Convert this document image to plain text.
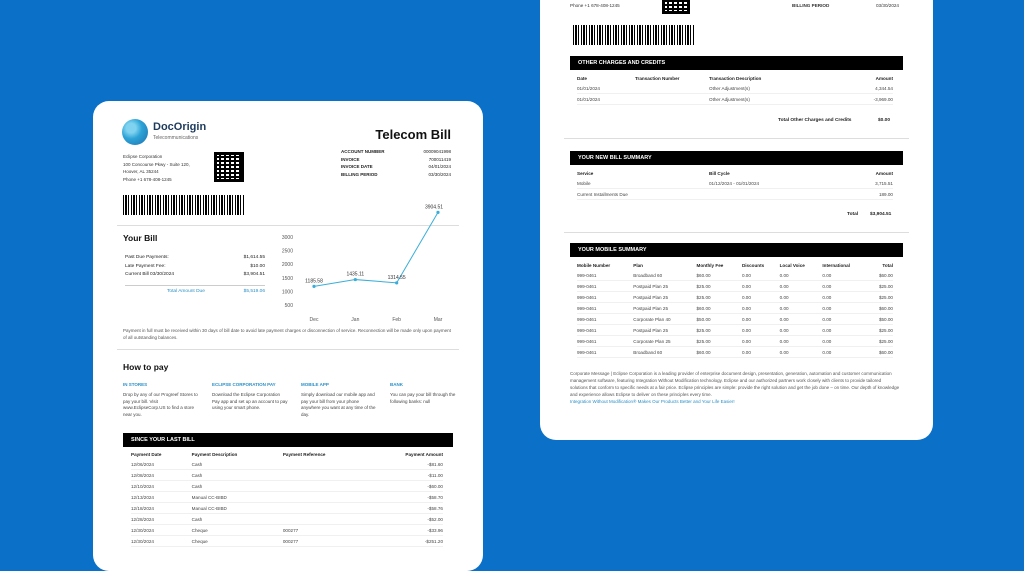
DocOrigin
Telecommunications	Telecom Bill
Eclipse Corporation
100 Concourse Pkwy - Suite 120,
Hoover, AL 35244
Phone +1 678-408-1245
ACCOUNT NUMBER	00009041998
INVOICE	700011419
INVOICE DATE	04/01/2024
BILLING PERIOD	03/30/2024
Your Bill
Past Due Payments:	$1,614.55
Late Payment Fee:	$10.00
Current Bill 03/30/2024	$3,904.51
Total Amount Due	$5,519.06
3000
2500
2000
1500
1000
500
Dec	Jan	Feb	Mar
1185.58
1435.11
1314.55
3904.51
Payment in full must be received within 30 days of bill date to avoid late payment charges or disconnection of service. Reconnection will be made only upon payment of all outstanding balances.
How to pay
IN STORES
Drop by any of our Progreef Stores to pay your bill. Visit www.EclipseCorp.US to find a store near you.
ECLIPSE CORPORATION PAY
Download the Eclipse Corporation Pay app and set up an account to pay using your smart phone.
MOBILE APP
Simply download our mobile app and pay your bill from your phone anywhere you want at any time of the day.
BANK
You can pay your bill through the following banks: null
SINCE YOUR LAST BILL
Payment Date	Payment Description	Payment Reference	Payment Amount
12/06/2024	Cash		-$81.60
12/08/2024	Cash		-$11.00
12/10/2024	Cash		-$60.00
12/13/2024	Manual CC-BIBD		-$58.70
12/18/2024	Manual CC-BIBD		-$58.76
12/28/2024	Cash		-$52.00
12/30/2024	Cheque	000277	-$33.96
12/30/2024	Cheque	000277	-$251.20
Phone +1 678-408-1245	BILLING PERIOD	03/30/2024
OTHER CHARGES AND CREDITS
Date	Transaction Number	Transaction Description	Amount
01/01/2024		Other Adjustment(s)	4,344.54
01/01/2024		Other Adjustment(s)	-3,969.00
Total Other Charges and Credits	$0.00
YOUR NEW BILL SUMMARY
Service	Bill Cycle	Amount
Mobile	01/12/2024 - 01/01/2024	3,715.51
Current Installments Due		189.00
Total $3,904.51
YOUR MOBILE SUMMARY
Mobile Number	Plan	Monthly Fee	Discounts	Local Voice	International	Total
999-0461	Broadband 60	$60.00	0.00	0.00	0.00	$60.00
999-0461	Postpaid Plan 25	$25.00	0.00	0.00	0.00	$25.00
999-0461	Postpaid Plan 25	$25.00	0.00	0.00	0.00	$25.00
999-0461	Postpaid Plan 25	$60.00	0.00	0.00	0.00	$60.00
999-0461	Corporate Plan 40	$50.00	0.00	0.00	0.00	$50.00
999-0461	Postpaid Plan 25	$25.00	0.00	0.00	0.00	$25.00
999-0461	Corporate Plan 25	$25.00	0.00	0.00	0.00	$25.00
999-0461	Broadband 60	$60.00	0.00	0.00	0.00	$60.00
Corporate Message | Eclipse Corporation is a leading provider of enterprise document design, presentation, generation, automation and customer communication management software, featuring Integration Without Modification technology. Eclipse and our authorized partners work closely with clients to provide tailored solutions that conform to specific needs at a fair price. Eclipse principles are simple: provide the right solution and get the job done – on time. Our depth of knowledge and experience allows Eclipse to deliver on these principles every time.
Integration Without Modification® Makes Our Products Better and Your Life Easier!
